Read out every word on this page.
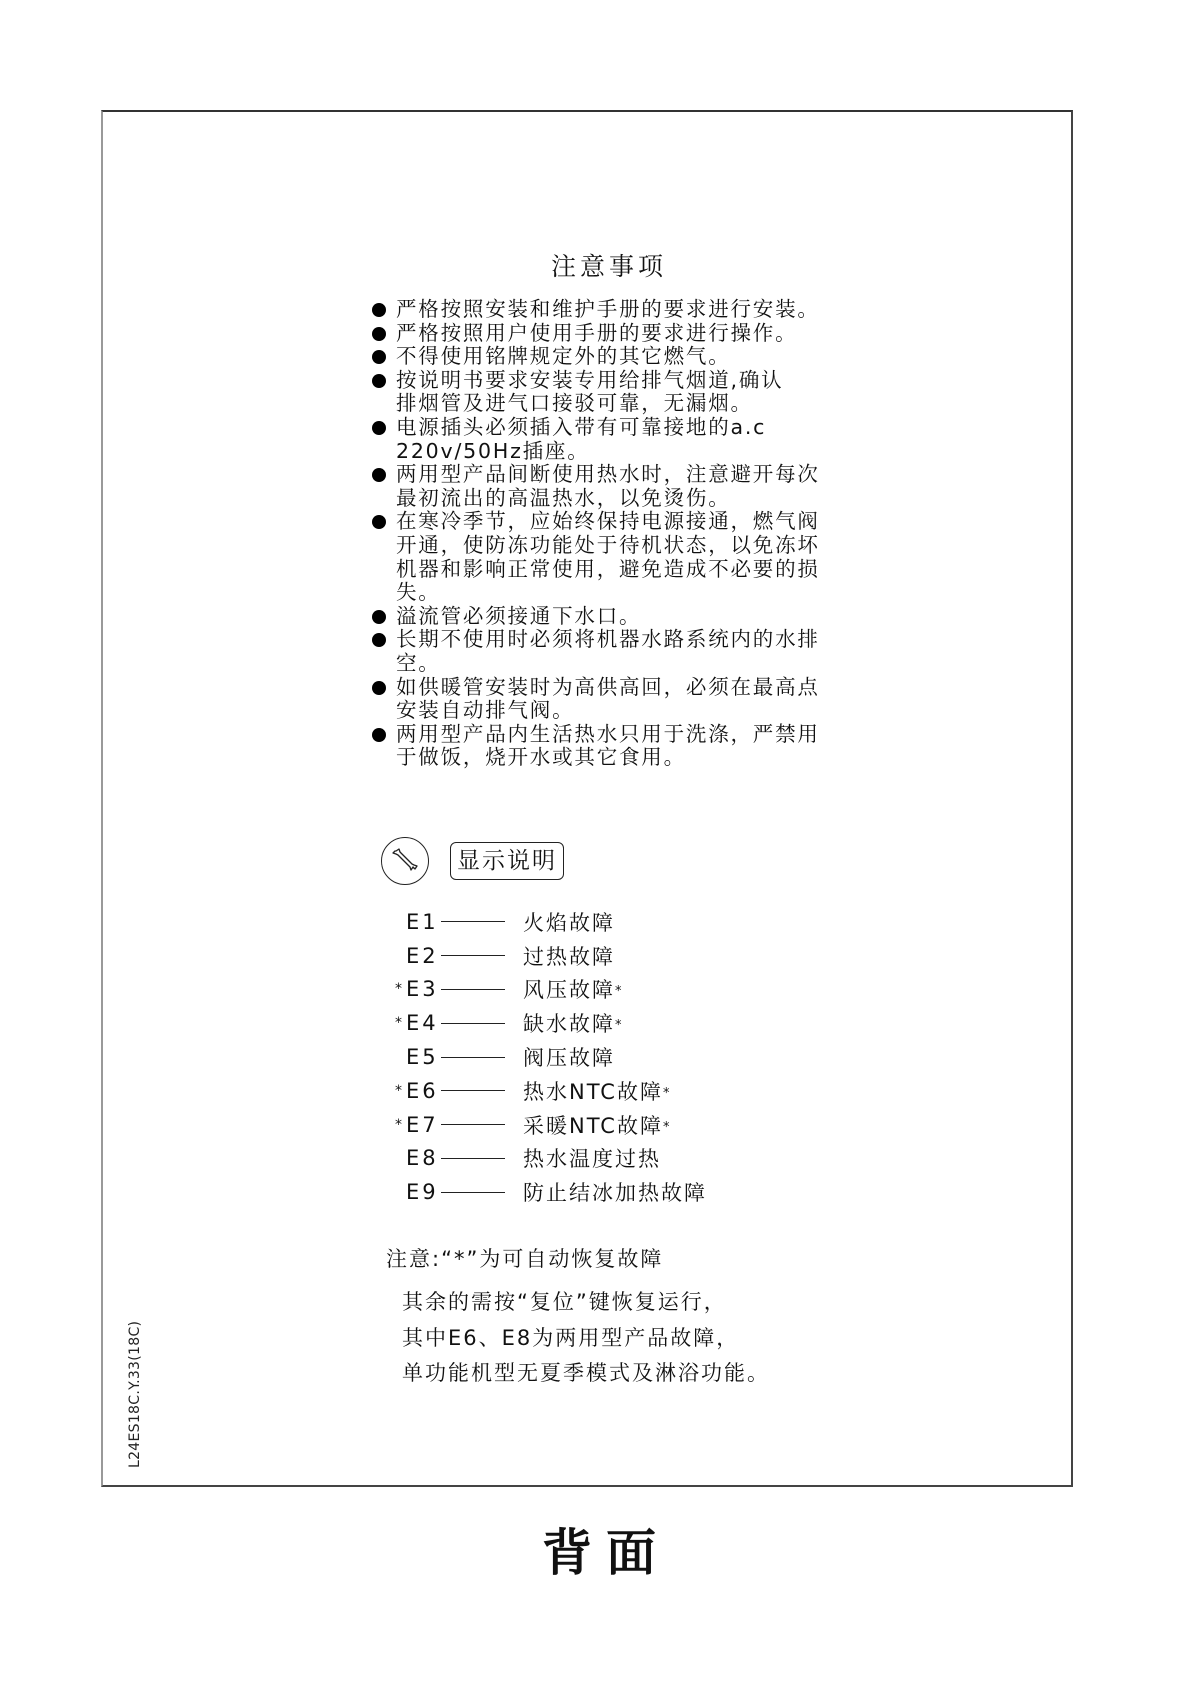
注意事项
严格按照安装和维护手册的要求进行安装。
严格按照用户使用手册的要求进行操作。
不得使用铭牌规定外的其它燃气。
按说明书要求安装专用给排气烟道,确认
排烟管及进气口接驳可靠，无漏烟。
电源插头必须插入带有可靠接地的a.c
220v/50Hz插座。
两用型产品间断使用热水时，注意避开每次
最初流出的高温热水，以免烫伤。
在寒冷季节，应始终保持电源接通，燃气阀
开通，使防冻功能处于待机状态，以免冻坏
机器和影响正常使用，避免造成不必要的损
失。
溢流管必须接通下水口。
长期不使用时必须将机器水路系统内的水排
空。
如供暖管安装时为高供高回，必须在最高点
安装自动排气阀。
两用型产品内生活热水只用于洗涤，严禁用
于做饭，烧开水或其它食用。
显示说明
E1	火焰故障
E2	过热故障
* E3	风压故障*
* E4	缺水故障*
E5	阀压故障
* E6	热水NTC故障*
* E7	采暖NTC故障*
E8	热水温度过热
E9	防止结冰加热故障
注意:“*”为可自动恢复故障
其余的需按“复位”键恢复运行，
其中E6、E8为两用型产品故障，
单功能机型无夏季模式及淋浴功能。
L24ES18C.Y.33(18C)
背面
